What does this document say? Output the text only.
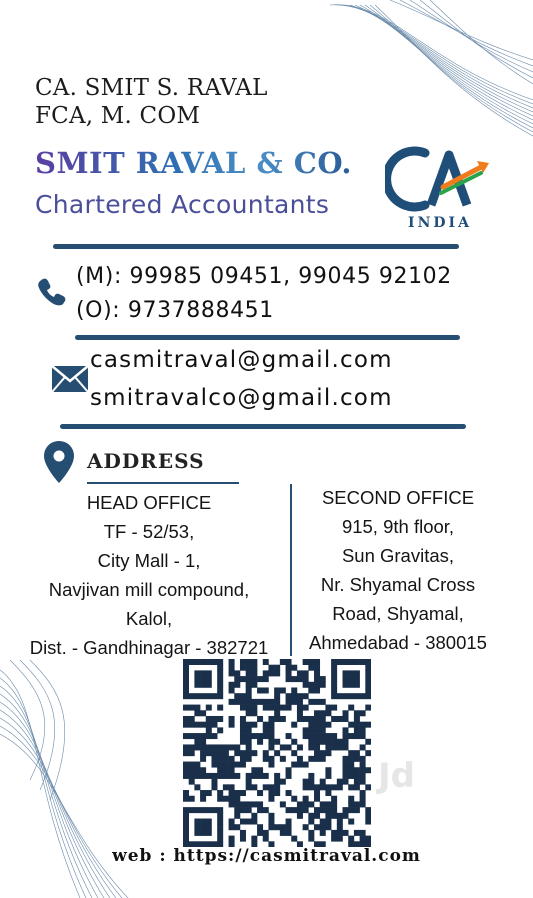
CA. SMIT S. RAVAL
FCA, M. COM
SMIT RAVAL & CO.
Chartered Accountants
INDIA
(M): 99985 09451, 99045 92102
(O): 9737888451
casmitraval@gmail.com
smitravalco@gmail.com
ADDRESS
HEAD OFFICE
TF - 52/53,
City Mall - 1,
Navjivan mill compound,
Kalol,
Dist. - Gandhinagar - 382721
SECOND OFFICE
915, 9th floor,
Sun Gravitas,
Nr. Shyamal Cross
Road, Shyamal,
Ahmedabad - 380015
Jd
web : https://casmitraval.com
